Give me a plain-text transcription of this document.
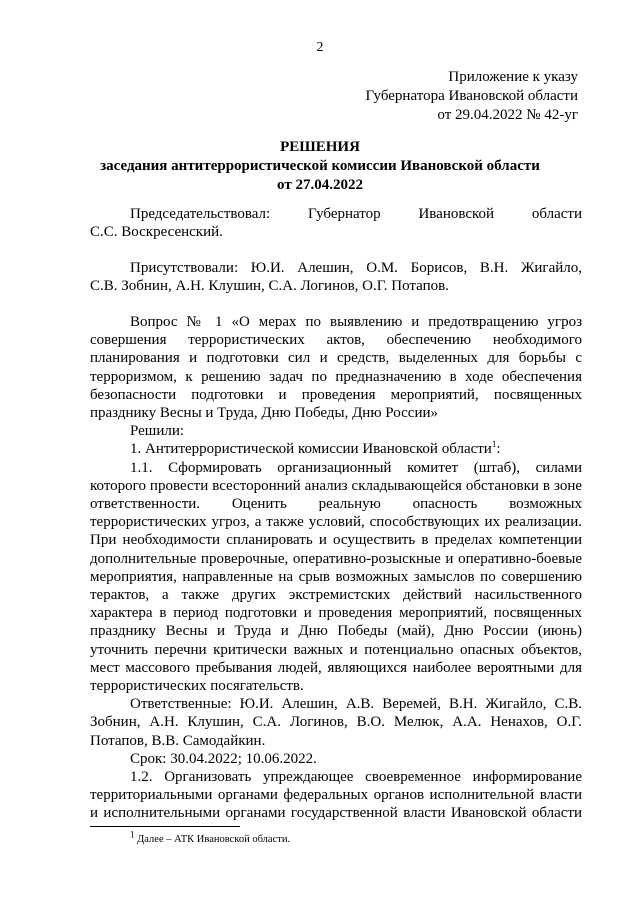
2
Приложение к указу
Губернатора Ивановской области
от 29.04.2022 № 42-уг
РЕШЕНИЯ
заседания антитеррористической комиссии Ивановской области
от 27.04.2022

Председательствовал: Губернатор Ивановской области

С.С. Воскресенский.

Присутствовали: Ю.И. Алешин, О.М. Борисов, В.Н. Жигайло,

С.В. Зобнин, А.Н. Клушин, С.А. Логинов, О.Г. Потапов.

Вопрос № 1 «О мерах по выявлению и предотвращению угроз совершения террористических актов, обеспечению необходимого планирования и подготовки сил и средств, выделенных для борьбы с терроризмом, к решению задач по предназначению в ходе обеспечения безопасности подготовки и проведения мероприятий, посвященных празднику Весны и Труда, Дню Победы, Дню России»

Решили:

1. Антитеррористической комиссии Ивановской области$^1$:

1.1. Сформировать организационный комитет (штаб), силами которого провести всесторонний анализ складывающейся обстановки в зоне ответственности. Оценить реальную опасность возможных террористических угроз, а также условий, способствующих их реализации. При необходимости спланировать и осуществить в пределах компетенции дополнительные проверочные, оперативно-розыскные и оперативно-боевые мероприятия, направленные на срыв возможных замыслов по совершению терактов, а также других экстремистских действий насильственного характера в период подготовки и проведения мероприятий, посвященных празднику Весны и Труда и Дню Победы (май), Дню России (июнь) уточнить перечни критически важных и потенциально опасных объектов, мест массового пребывания людей, являющихся наиболее вероятными для террористических посягательств.

Ответственные: Ю.И. Алешин, А.В. Веремей, В.Н. Жигайло, С.В. Зобнин, А.Н. Клушин, С.А. Логинов, В.О. Мелюк, А.А. Ненахов, О.Г. Потапов, В.В. Самодайкин.

Срок: 30.04.2022; 10.06.2022.

1.2. Организовать упреждающее своевременное информирование территориальными органами федеральных органов исполнительной власти и исполнительными органами государственной власти Ивановской области

$^1$ Далее – АТК Ивановской области.
